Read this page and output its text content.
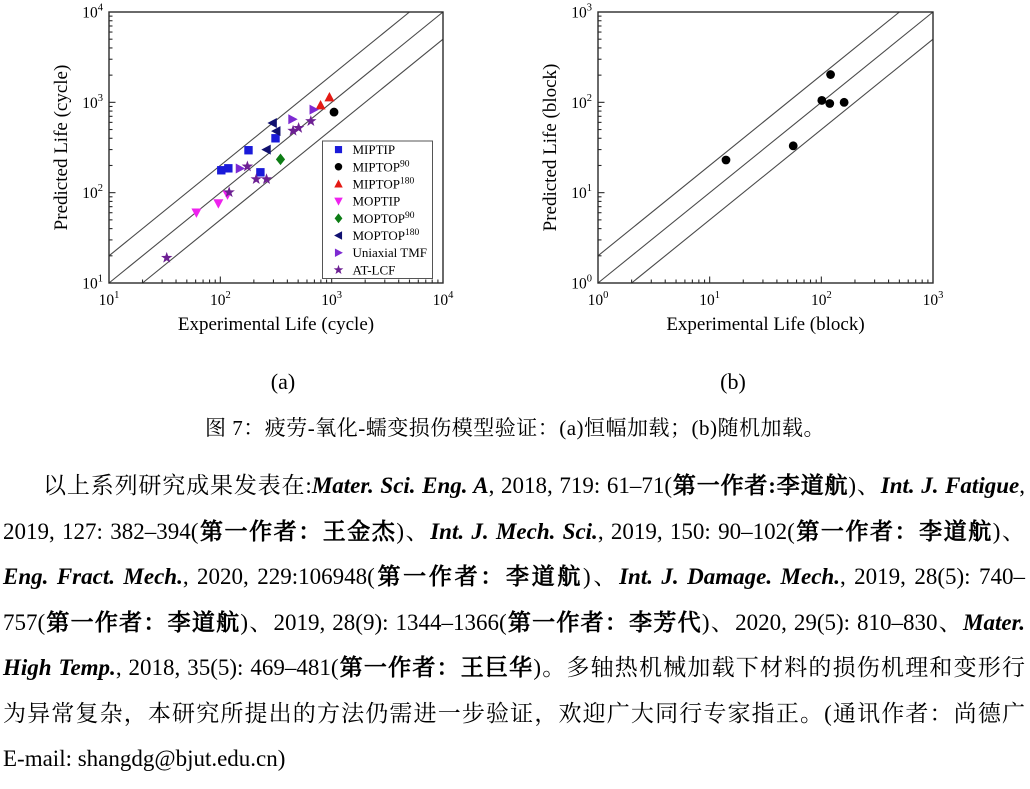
$10^1$	$10^2$	$10^3$	$10^4$
$10^1$
$10^2$
$10^3$
$10^4$
Experimental Life (cycle)
Predicted Life (cycle)	MIPTIP
MIPTOP$^{90}$
MIPTOP$^{180}$
MOPTIP
MOPTOP$^{90}$
MOPTOP$^{180}$
Uniaxial TMF
AT-LCF
$10^0$	$10^1$	$10^2$	$10^3$
$10^0$
$10^1$
$10^2$
$10^3$
Experimental Life (block)
Predicted Life (block)
(a)	(b)
图 7：疲劳-氧化-蠕变损伤模型验证：(a)恒幅加载；(b)随机加载。
以上系列研究成果发表在:Mater. Sci. Eng. A, 2018, 719: 61–71(第一作者:李道航)、Int. J. Fatigue,
2019, 127: 382–394(第一作者：王金杰)、Int. J. Mech. Sci., 2019, 150: 90–102(第一作者：李道航)、
Eng. Fract. Mech., 2020, 229:106948(第一作者：李道航)、Int. J. Damage. Mech., 2019, 28(5): 740–
757(第一作者：李道航)、2019, 28(9): 1344–1366(第一作者：李芳代)、2020, 29(5): 810–830、Mater.
High Temp., 2018, 35(5): 469–481(第一作者：王巨华)。多轴热机械加载下材料的损伤机理和变形行
为异常复杂，本研究所提出的方法仍需进一步验证，欢迎广大同行专家指正。(通讯作者：尚德广
E-mail: shangdg@bjut.edu.cn)
